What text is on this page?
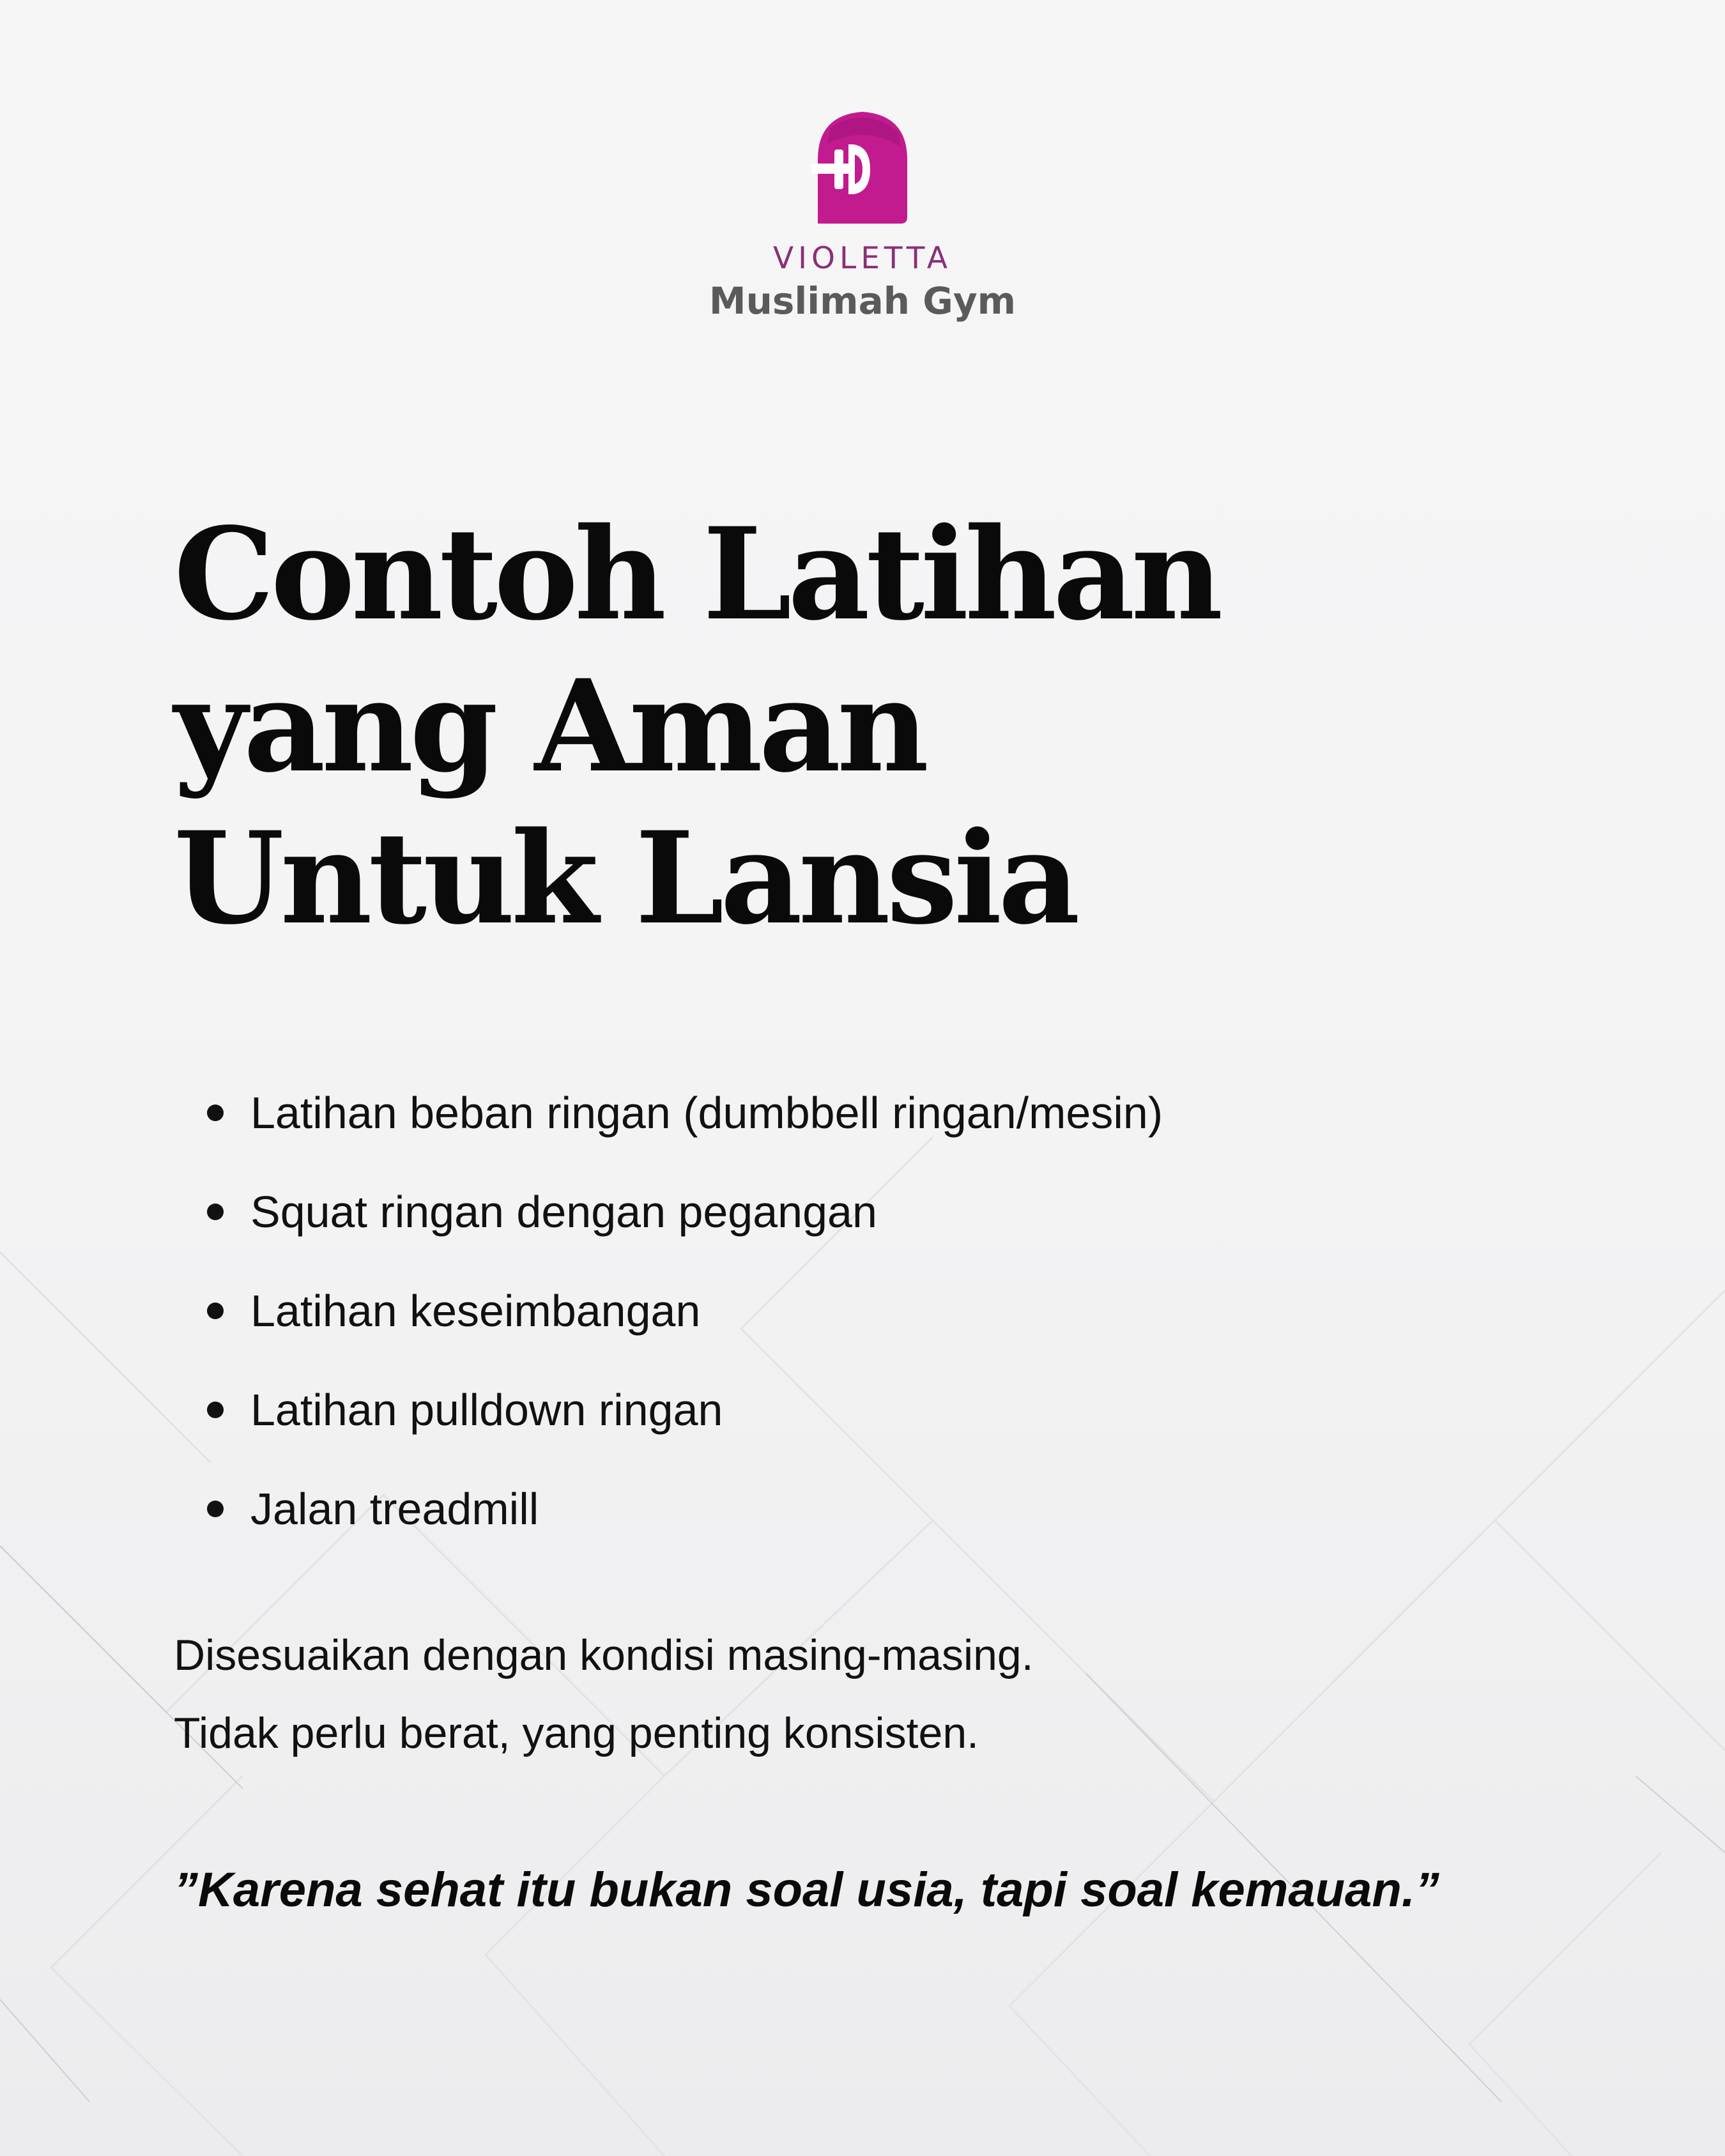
VIOLETTA
Muslimah Gym
Contoh Latihan
yang Aman
Untuk Lansia
Latihan beban ringan (dumbbell ringan/mesin)
Squat ringan dengan pegangan
Latihan keseimbangan
Latihan pulldown ringan
Jalan treadmill
Disesuaikan dengan kondisi masing-masing.
Tidak perlu berat, yang penting konsisten.
”Karena sehat itu bukan soal usia, tapi soal kemauan.”
